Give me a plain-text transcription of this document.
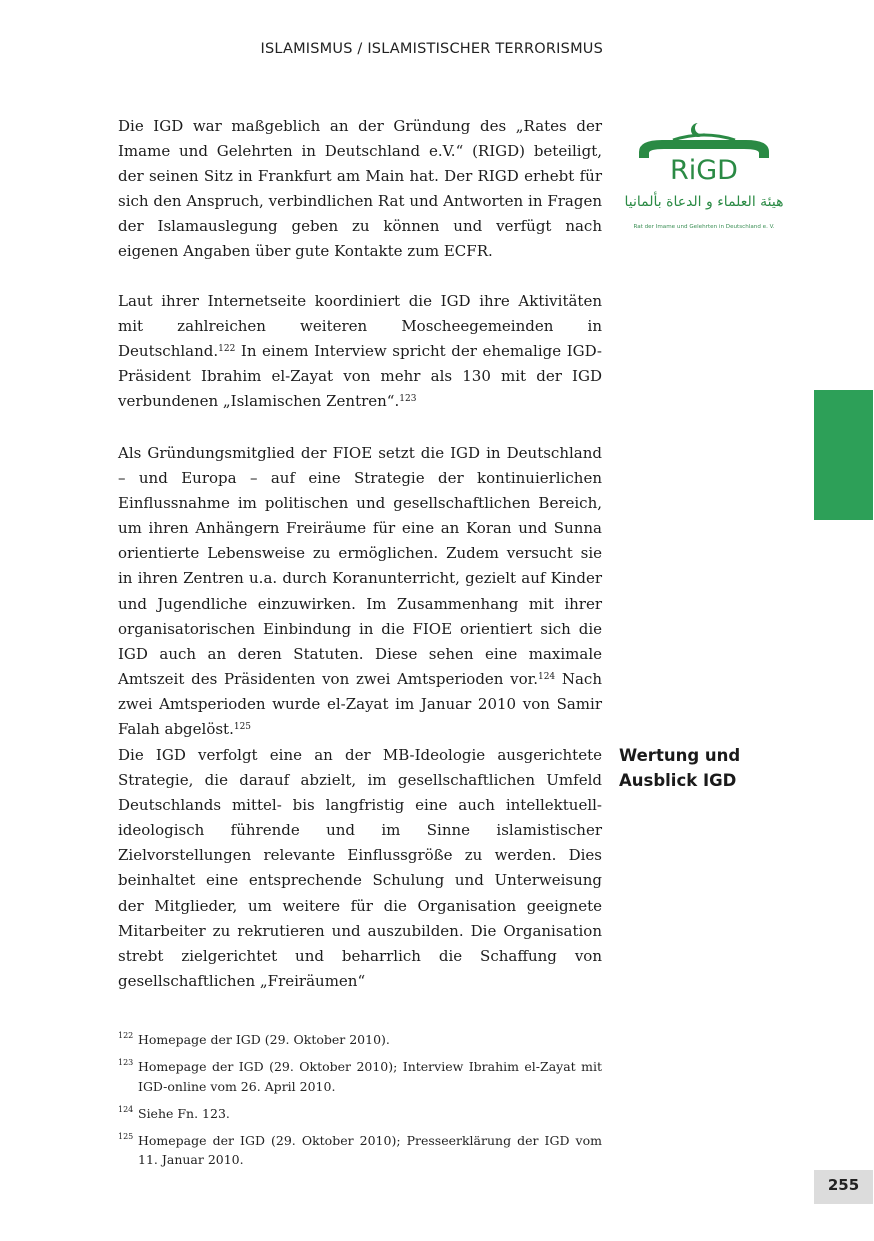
ISLAMISMUS / ISLAMISTISCHER TERRORISMUS

Die IGD war maßgeblich an der Gründung des „Rates der Imame und Gelehrten in Deutschland e.V.“ (RIGD) beteiligt, der seinen Sitz in Frankfurt am Main hat. Der RIGD erhebt für sich den Anspruch, verbindlichen Rat und Antworten in Fragen der Islamauslegung geben zu können und verfügt nach eigenen Angaben über gute Kontakte zum ECFR.

Laut ihrer Internetseite koordiniert die IGD ihre Aktivitäten mit zahlreichen weiteren Moscheegemeinden in Deutschland.$^{122}$ In einem Interview spricht der ehemalige IGD-Präsident Ibrahim el-Zayat von mehr als 130 mit der IGD verbundenen „Islamischen Zentren“.$^{123}$

Als Gründungsmitglied der FIOE setzt die IGD in Deutschland – und Europa – auf eine Strategie der kontinuierlichen Einflussnahme im politischen und gesellschaftlichen Bereich, um ihren Anhängern Freiräume für eine an Koran und Sunna orientierte Lebensweise zu ermöglichen. Zudem versucht sie in ihren Zentren u.a. durch Koranunterricht, gezielt auf Kinder und Jugendliche einzuwirken. Im Zusammenhang mit ihrer organisatorischen Einbindung in die FIOE orientiert sich die IGD auch an deren Statuten. Diese sehen eine maximale Amtszeit des Präsidenten von zwei Amtsperioden vor.$^{124}$ Nach zwei Amtsperioden wurde el-Zayat im Januar 2010 von Samir Falah abgelöst.$^{125}$

Die IGD verfolgt eine an der MB-Ideologie ausgerichtete Strategie, die darauf abzielt, im gesellschaftlichen Umfeld Deutschlands mittel- bis langfristig eine auch intellektuell-ideologisch führende und im Sinne islamistischer Zielvorstellungen relevante Einflussgröße zu werden. Dies beinhaltet eine entsprechende Schulung und Unterweisung der Mitglieder, um weitere für die Organisation geeignete Mitarbeiter zu rekrutieren und auszubilden. Die Organisation strebt zielgerichtet und beharrlich die Schaffung von gesellschaftlichen „Freiräumen“

RiGD
هيئة العلماء و الدعاة بألمانيا
Rat der Imame und Gelehrten in Deutschland e. V.
Wertung und
Ausblick IGD
122 Homepage der IGD (29. Oktober 2010).
123 Homepage der IGD (29. Oktober 2010); Interview Ibrahim el-Zayat mit IGD-online vom 26. April 2010.
124 Siehe Fn. 123.
125 Homepage der IGD (29. Oktober 2010); Presseerklärung der IGD vom 11. Januar 2010.
255
